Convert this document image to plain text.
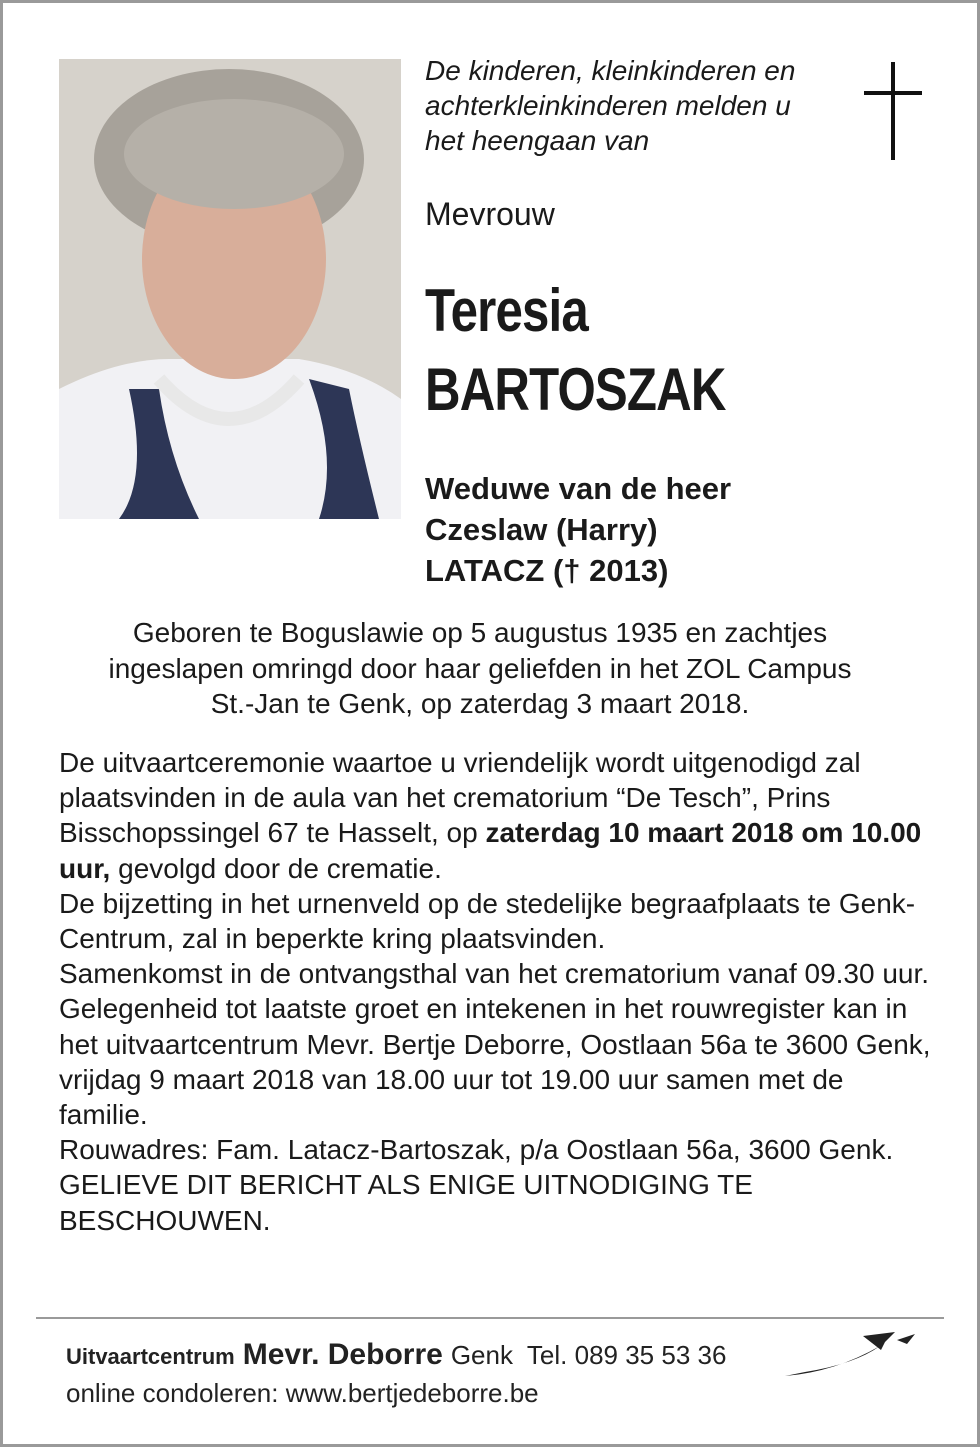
De kinderen, kleinkinderen en
achterkleinkinderen melden u
het heengaan van
Mevrouw
Teresia
BARTOSZAK
Weduwe van de heer
Czeslaw (Harry)
LATACZ († 2013)
Geboren te Boguslawie op 5 augustus 1935 en zachtjes
ingeslapen omringd door haar geliefden in het ZOL Campus
St.-Jan te Genk, op zaterdag 3 maart 2018.

De uitvaartceremonie waartoe u vriendelijk wordt uitgenodigd zal plaatsvinden in de aula van het crematorium “De Tesch”, Prins Bisschopssingel 67 te Hasselt, op zaterdag 10 maart 2018 om 10.00 uur, gevolgd door de crematie.

De bijzetting in het urnenveld op de stedelijke begraafplaats te Genk-Centrum, zal in beperkte kring plaatsvinden.

Samenkomst in de ontvangsthal van het crematorium vanaf 09.30 uur.

Gelegenheid tot laatste groet en intekenen in het rouwregister kan in het uitvaartcentrum Mevr. Bertje Deborre, Oostlaan 56a te 3600 Genk, vrijdag 9 maart 2018 van 18.00 uur tot 19.00 uur samen met de familie.

Rouwadres: Fam. Latacz-Bartoszak, p/a Oostlaan 56a, 3600 Genk.

GELIEVE DIT BERICHT ALS ENIGE UITNODIGING TE BESCHOUWEN.

Uitvaartcentrum Mevr. Deborre Genk  Tel. 089 35 53 36
online condoleren: www.bertjedeborre.be
